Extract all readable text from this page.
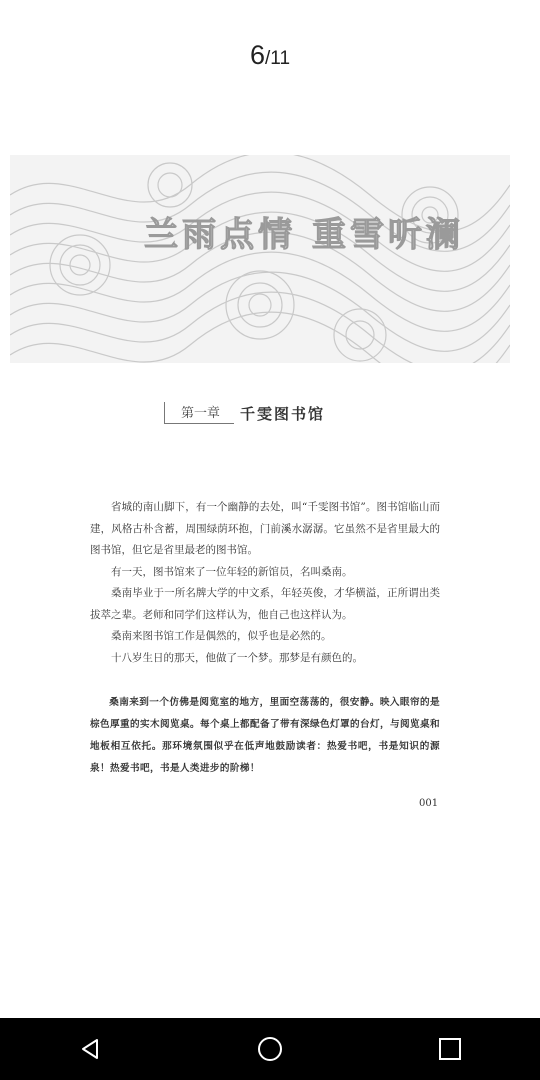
6/11
兰雨点情 重雪听澜
第一章	千雯图书馆

省城的南山脚下，有一个幽静的去处，叫“千雯图书馆”。图书馆临山而建，风格古朴含蓄，周围绿荫环抱，门前溪水潺潺。它虽然不是省里最大的图书馆，但它是省里最老的图书馆。

有一天，图书馆来了一位年轻的新馆员，名叫桑南。

桑南毕业于一所名牌大学的中文系，年轻英俊，才华横溢，正所谓出类拔萃之辈。老师和同学们这样认为，他自己也这样认为。

桑南来图书馆工作是偶然的，似乎也是必然的。

十八岁生日的那天，他做了一个梦。那梦是有颜色的。

桑南来到一个仿佛是阅览室的地方，里面空荡荡的，很安静。映入眼帘的是棕色厚重的实木阅览桌。每个桌上都配备了带有深绿色灯罩的台灯，与阅览桌和地板相互依托。那环境氛围似乎在低声地鼓励读者：热爱书吧，书是知识的源泉！热爱书吧，书是人类进步的阶梯！

001
